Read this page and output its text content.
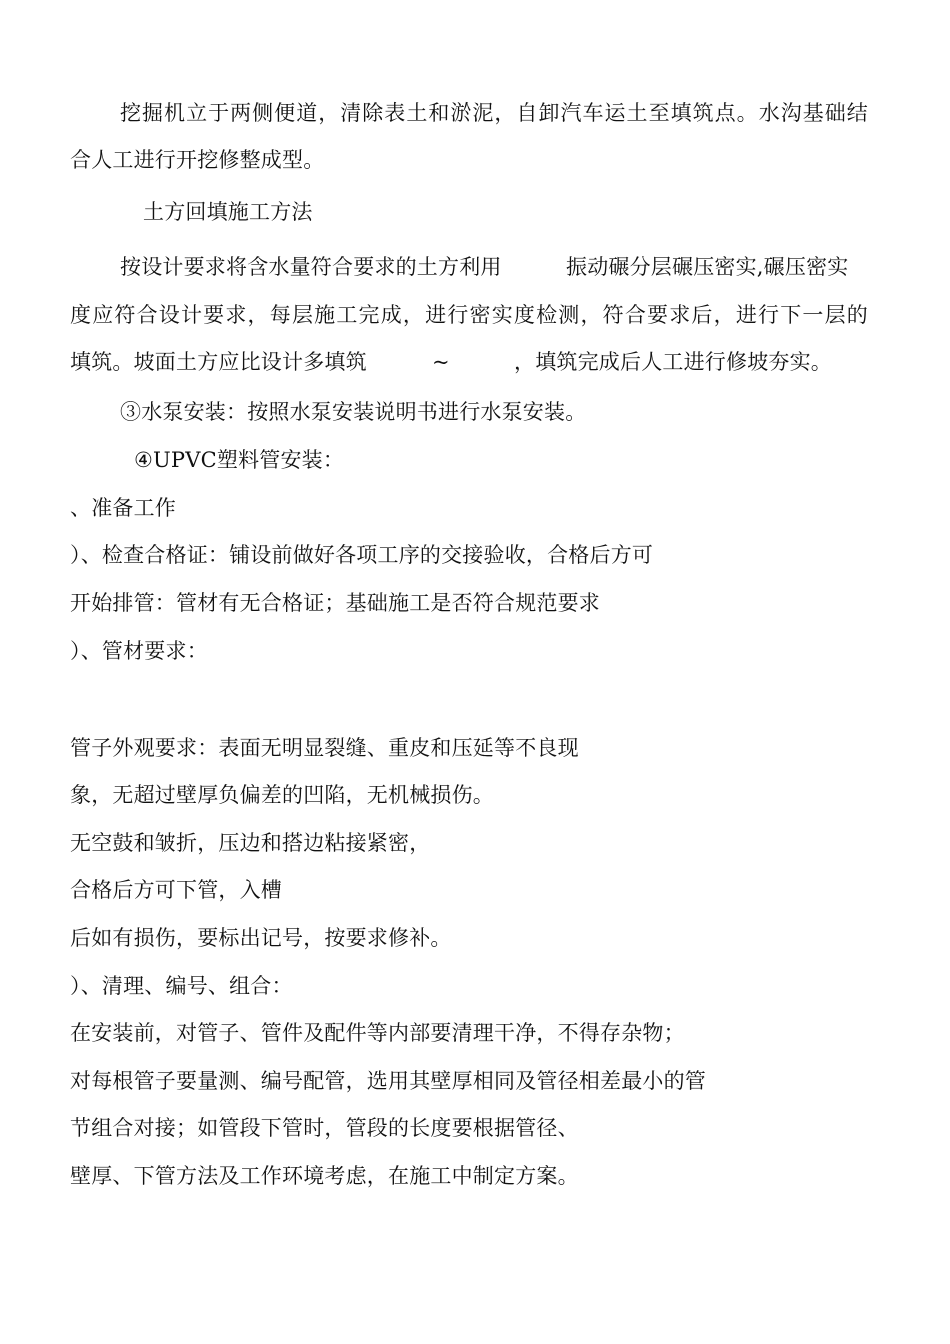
挖掘机立于两侧便道，清除表土和淤泥，自卸汽车运土至填筑点。水沟基础结
合人工进行开挖修整成型。
土方回填施工方法
按设计要求将含水量符合要求的土方利用	振动碾分层碾压密实,碾压密实
度应符合设计要求，每层施工完成，进行密实度检测，符合要求后，进行下一层的
填筑。坡面土方应比设计多填筑	~	，填筑完成后人工进行修坡夯实。
③水泵安装：按照水泵安装说明书进行水泵安装。
④UPVC塑料管安装：
、准备工作
）、检查合格证：铺设前做好各项工序的交接验收，合格后方可
开始排管：管材有无合格证；基础施工是否符合规范要求
）、管材要求：
管子外观要求：表面无明显裂缝、重皮和压延等不良现
象，无超过壁厚负偏差的凹陷，无机械损伤。
无空鼓和皱折，压边和搭边粘接紧密，
合格后方可下管，入槽
后如有损伤，要标出记号，按要求修补。
）、清理、编号、组合：
在安装前，对管子、管件及配件等内部要清理干净，不得存杂物；
对每根管子要量测、编号配管，选用其壁厚相同及管径相差最小的管
节组合对接；如管段下管时，管段的长度要根据管径、
壁厚、下管方法及工作环境考虑，在施工中制定方案。
